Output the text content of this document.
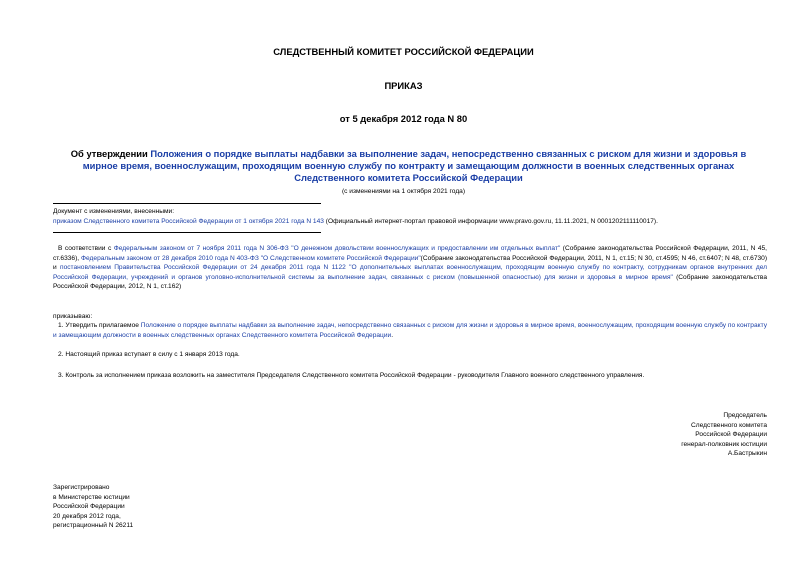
СЛЕДСТВЕННЫЙ КОМИТЕТ РОССИЙСКОЙ ФЕДЕРАЦИИ
ПРИКАЗ
от 5 декабря 2012 года N 80
Об утверждении Положения о порядке выплаты надбавки за выполнение задач, непосредственно связанных с риском для жизни и здоровья в мирное время, военнослужащим, проходящим военную службу по контракту и замещающим должности в военных следственных органах Следственного комитета Российской Федерации
(с изменениями на 1 октября 2021 года)
Документ с изменениями, внесенными:
приказом Следственного комитета Российской Федерации от 1 октября 2021 года N 143 (Официальный интернет-портал правовой информации www.pravo.gov.ru, 11.11.2021, N 0001202111110017).
В соответствии с Федеральным законом от 7 ноября 2011 года N 306-ФЗ "О денежном довольствии военнослужащих и предоставлении им отдельных выплат" (Собрание законодательства Российской Федерации, 2011, N 45, ст.6336), Федеральным законом от 28 декабря 2010 года N 403-ФЗ "О Следственном комитете Российской Федерации"(Собрание законодательства Российской Федерации, 2011, N 1, ст.15; N 30, ст.4595; N 46, ст.6407; N 48, ст.6730) и постановлением Правительства Российской Федерации от 24 декабря 2011 года N 1122 "О дополнительных выплатах военнослужащим, проходящим военную службу по контракту, сотрудникам органов внутренних дел Российской Федерации, учреждений и органов уголовно-исполнительной системы за выполнение задач, связанных с риском (повышенной опасностью) для жизни и здоровья в мирное время" (Собрание законодательства Российской Федерации, 2012, N 1, ст.162)
приказываю:
1. Утвердить прилагаемое Положение о порядке выплаты надбавки за выполнение задач, непосредственно связанных с риском для жизни и здоровья в мирное время, военнослужащим, проходящим военную службу по контракту и замещающим должности в военных следственных органах Следственного комитета Российской Федерации.
2. Настоящий приказ вступает в силу с 1 января 2013 года.
3. Контроль за исполнением приказа возложить на заместителя Председателя Следственного комитета Российской Федерации - руководителя Главного военного следственного управления.
Председатель
Следственного комитета
Российской Федерации
генерал-полковник юстиции
А.Бастрыкин
Зарегистрировано
в Министерстве юстиции
Российской Федерации
20 декабря 2012 года,
регистрационный N 26211
